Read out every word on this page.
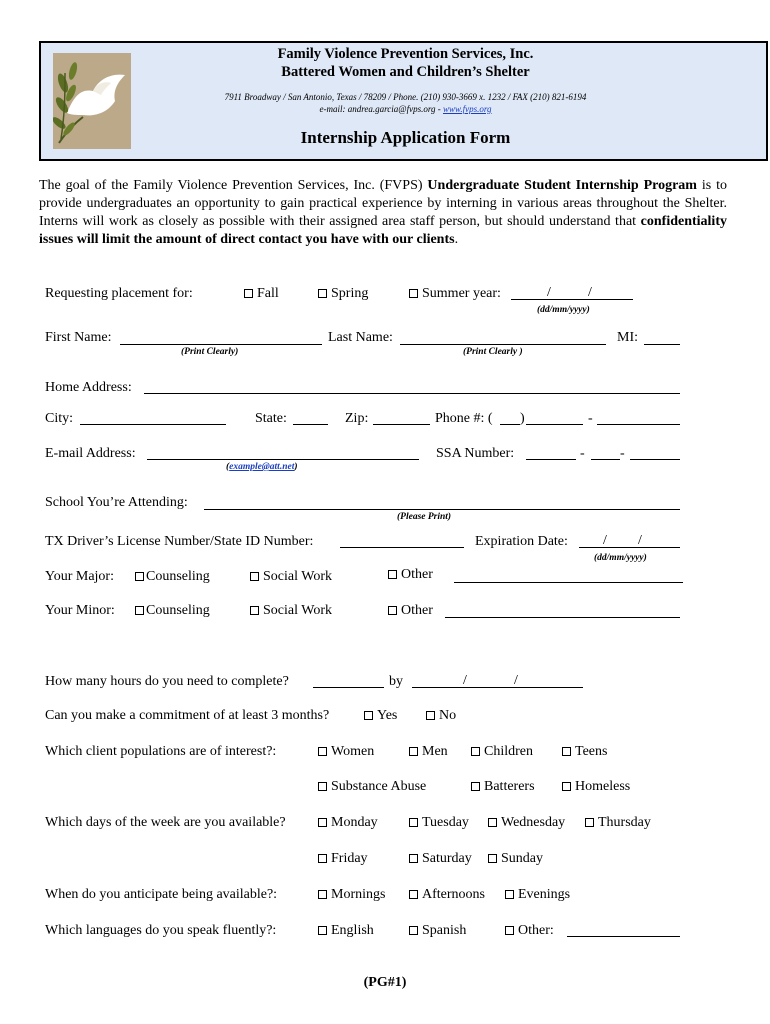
Family Violence Prevention Services, Inc.
Battered Women and Children’s Shelter
7911 Broadway / San Antonio, Texas / 78209 / Phone. (210) 930-3669 x. 1232 / FAX (210) 821-6194
e-mail: andrea.garcia@fvps.org - www.fvps.org
Internship Application Form
The goal of the Family Violence Prevention Services, Inc. (FVPS) Undergraduate Student Internship Program is to provide undergraduates an opportunity to gain practical experience by interning in various areas throughout the Shelter. Interns will work as closely as possible with their assigned area staff person, but should understand that confidentiality issues will limit the amount of direct contact you have with our clients.
Requesting placement for:	Fall	Spring	Summer year:	/	/
(dd/mm/yyyy)
First Name:
(Print Clearly)
Last Name:
(Print Clearly )
MI:
Home Address:
City:	State:	Zip:	Phone #: ( )	-
E-mail Address:
(example@att.net)
SSA Number:	-	-
School You’re Attending:
(Please Print)
TX Driver’s License Number/State ID Number:	Expiration Date:	/ /
(dd/mm/yyyy)
Your Major:	Counseling	Social Work	Other
Your Minor:	Counseling	Social Work	Other
How many hours do you need to complete?	by	/	/
Can you make a commitment of at least 3 months?	Yes	No
Which client populations are of interest?:	Women	Men	Children	Teens
Substance Abuse	Batterers	Homeless
Which days of the week are you available?	Monday	Tuesday	Wednesday	Thursday
Friday	Saturday	Sunday
When do you anticipate being available?:	Mornings	Afternoons	Evenings
Which languages do you speak fluently?:	English	Spanish	Other:
(PG#1)
